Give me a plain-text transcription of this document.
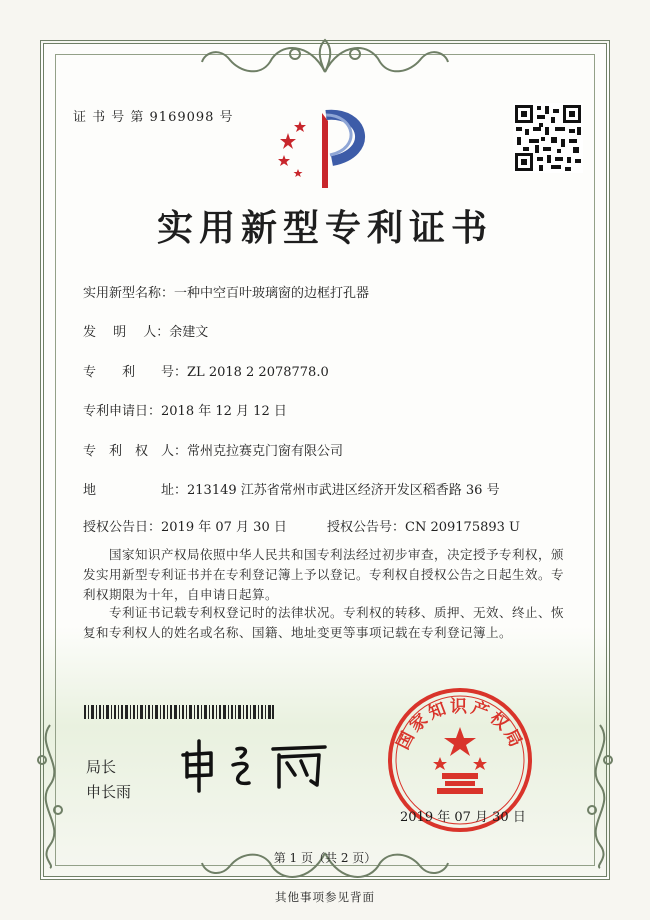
证 书 号 第 9169098 号
实用新型专利证书
实用新型名称：一种中空百叶玻璃窗的边框打孔器
发　 明　 人：余建文
专　　利　　号：ZL 2018 2 2078778.0
专利申请日：2018 年 12 月 12 日
专　利　权　人：常州克拉赛克门窗有限公司
地　　　　　址：213149 江苏省常州市武进区经济开发区稻香路 36 号
授权公告日：2019 年 07 月 30 日	授权公告号：CN 209175893 U
国家知识产权局依照中华人民共和国专利法经过初步审查，决定授予专利权，颁发实用新型专利证书并在专利登记簿上予以登记。专利权自授权公告之日起生效。专利权期限为十年，自申请日起算。
专利证书记载专利权登记时的法律状况。专利权的转移、质押、无效、终止、恢复和专利权人的姓名或名称、国籍、地址变更等事项记载在专利登记簿上。
局长
申长雨
国家知识产权局
2019 年 07 月 30 日
第 1 页（共 2 页）
其他事项参见背面
